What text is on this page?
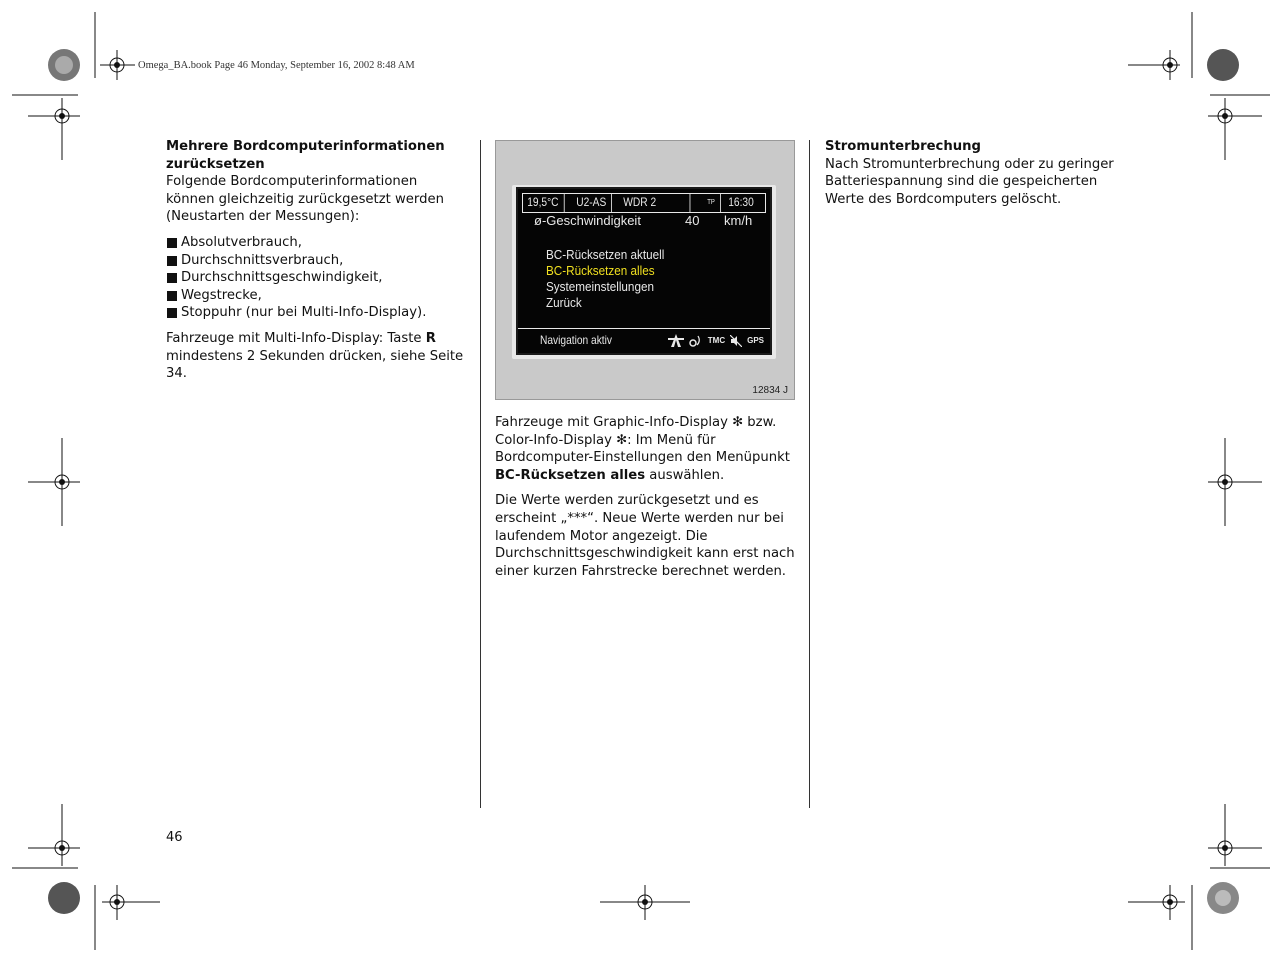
Omega_BA.book Page 46 Monday, September 16, 2002 8:48 AM
Mehrere Bordcomputerinformationen zurücksetzen

Folgende Bordcomputerinformationen können gleichzeitig zurückgesetzt werden (Neustarten der Messungen):

Absolutverbrauch,
Durchschnittsverbrauch,
Durchschnittsgeschwindigkeit,
Wegstrecke,
Stoppuhr (nur bei Multi-Info-Display).

Fahrzeuge mit Multi-Info-Display: Taste R mindestens 2 Sekunden drücken, siehe Seite 34.

19,5°C	U2-AS	WDR 2	TP	16:30
ø-Geschwindigkeit	40 km/h
BC-Rücksetzen aktuell
BC-Rücksetzen alles
Systemeinstellungen
Zurück
Navigation aktiv	TMC	GPS
12834 J

Fahrzeuge mit Graphic-Info-Display ✻ bzw. Color-Info-Display ✻: Im Menü für Bordcomputer-Einstellungen den Menüpunkt BC-Rücksetzen alles auswählen.

Die Werte werden zurückgesetzt und es erscheint „***“. Neue Werte werden nur bei laufendem Motor angezeigt. Die Durchschnittsgeschwindigkeit kann erst nach einer kurzen Fahrstrecke berechnet werden.

Stromunterbrechung

Nach Stromunterbrechung oder zu geringer Batteriespannung sind die gespeicherten Werte des Bordcomputers gelöscht.

46
